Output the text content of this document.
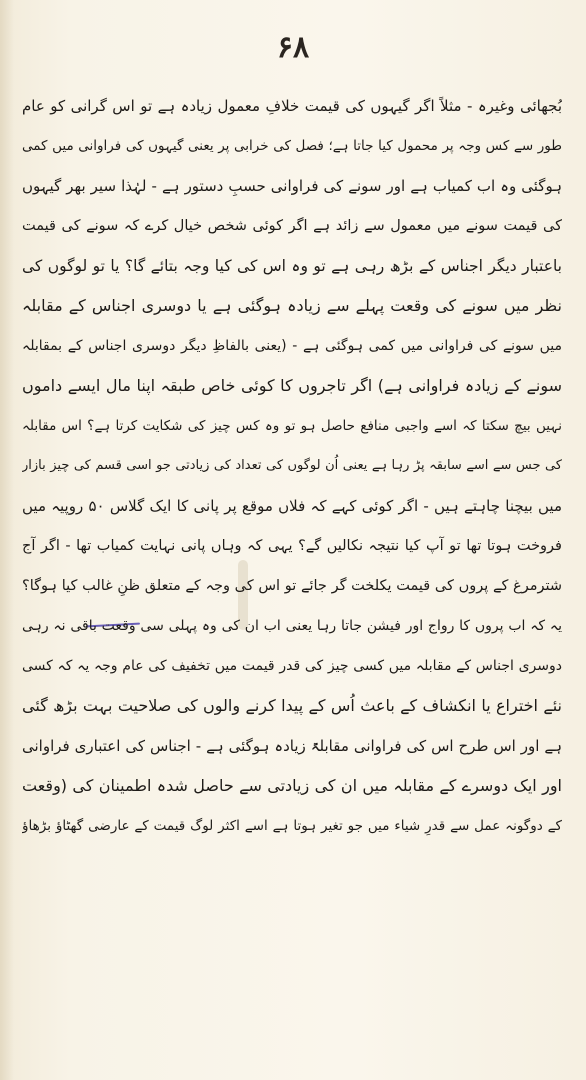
۶۸
بُجھائی وغیرہ - مثلاً اگر گیہوں کی قیمت خلافِ معمول زیادہ ہے تو اس گرانی کو عام
طور سے کس وجہ پر محمول کیا جاتا ہے؛ فصل کی خرابی پر یعنی گیہوں کی فراوانی میں کمی
ہوگئی وہ اب کمیاب ہے اور سونے کی فراوانی حسبِ دستور ہے - لہٰذا سیر بھر گیہوں
کی قیمت سونے میں معمول سے زائد ہے اگر کوئی شخص خیال کرے کہ سونے کی قیمت
باعتبار دیگر اجناس کے بڑھ رہی ہے تو وہ اس کی کیا وجہ بتائے گا؟ یا تو لوگوں کی
نظر میں سونے کی وقعت پہلے سے زیادہ ہوگئی ہے یا دوسری اجناس کے مقابلہ
میں سونے کی فراوانی میں کمی ہوگئی ہے - (یعنی بالفاظِ دیگر دوسری اجناس کے بمقابلہ
سونے کے زیادہ فراوانی ہے) اگر تاجروں کا کوئی خاص طبقہ اپنا مال ایسے داموں
نہیں بیچ سکتا کہ اسے واجبی منافع حاصل ہو تو وہ کس چیز کی شکایت کرتا ہے؟ اس مقابلہ
کی جس سے اسے سابقہ پڑ رہا ہے یعنی اُن لوگوں کی تعداد کی زیادتی جو اسی قسم کی چیز بازار
میں بیچنا چاہتے ہیں - اگر کوئی کہے کہ فلاں موقع پر پانی کا ایک گلاس ۵۰ روپیہ میں
فروخت ہوتا تھا تو آپ کیا نتیجہ نکالیں گے؟ یہی کہ وہاں پانی نہایت کمیاب تھا - اگر آج
شترمرغ کے پروں کی قیمت یکلخت گر جائے تو اس کی وجہ کے متعلق ظنِ غالب کیا ہوگا؟
یہ کہ اب پروں کا رواج اور فیشن جاتا رہا یعنی اب ان کی وہ پہلی سی وقعت باقی نہ رہی
دوسری اجناس کے مقابلہ میں کسی چیز کی قدر قیمت میں تخفیف کی عام وجہ یہ کہ کسی
نئے اختراع یا انکشاف کے باعث اُس کے پیدا کرنے والوں کی صلاحیت بہت بڑھ گئی
ہے اور اس طرح اس کی فراوانی مقابلۃً زیادہ ہوگئی ہے - اجناس کی اعتباری فراوانی
اور ایک دوسرے کے مقابلہ میں ان کی زیادتی سے حاصل شدہ اطمینان کی (وقعت
کے دوگونہ عمل سے قدرِ شیاء میں جو تغیر ہوتا ہے اسے اکثر لوگ قیمت کے عارضی گھٹاؤ بڑھاؤ
